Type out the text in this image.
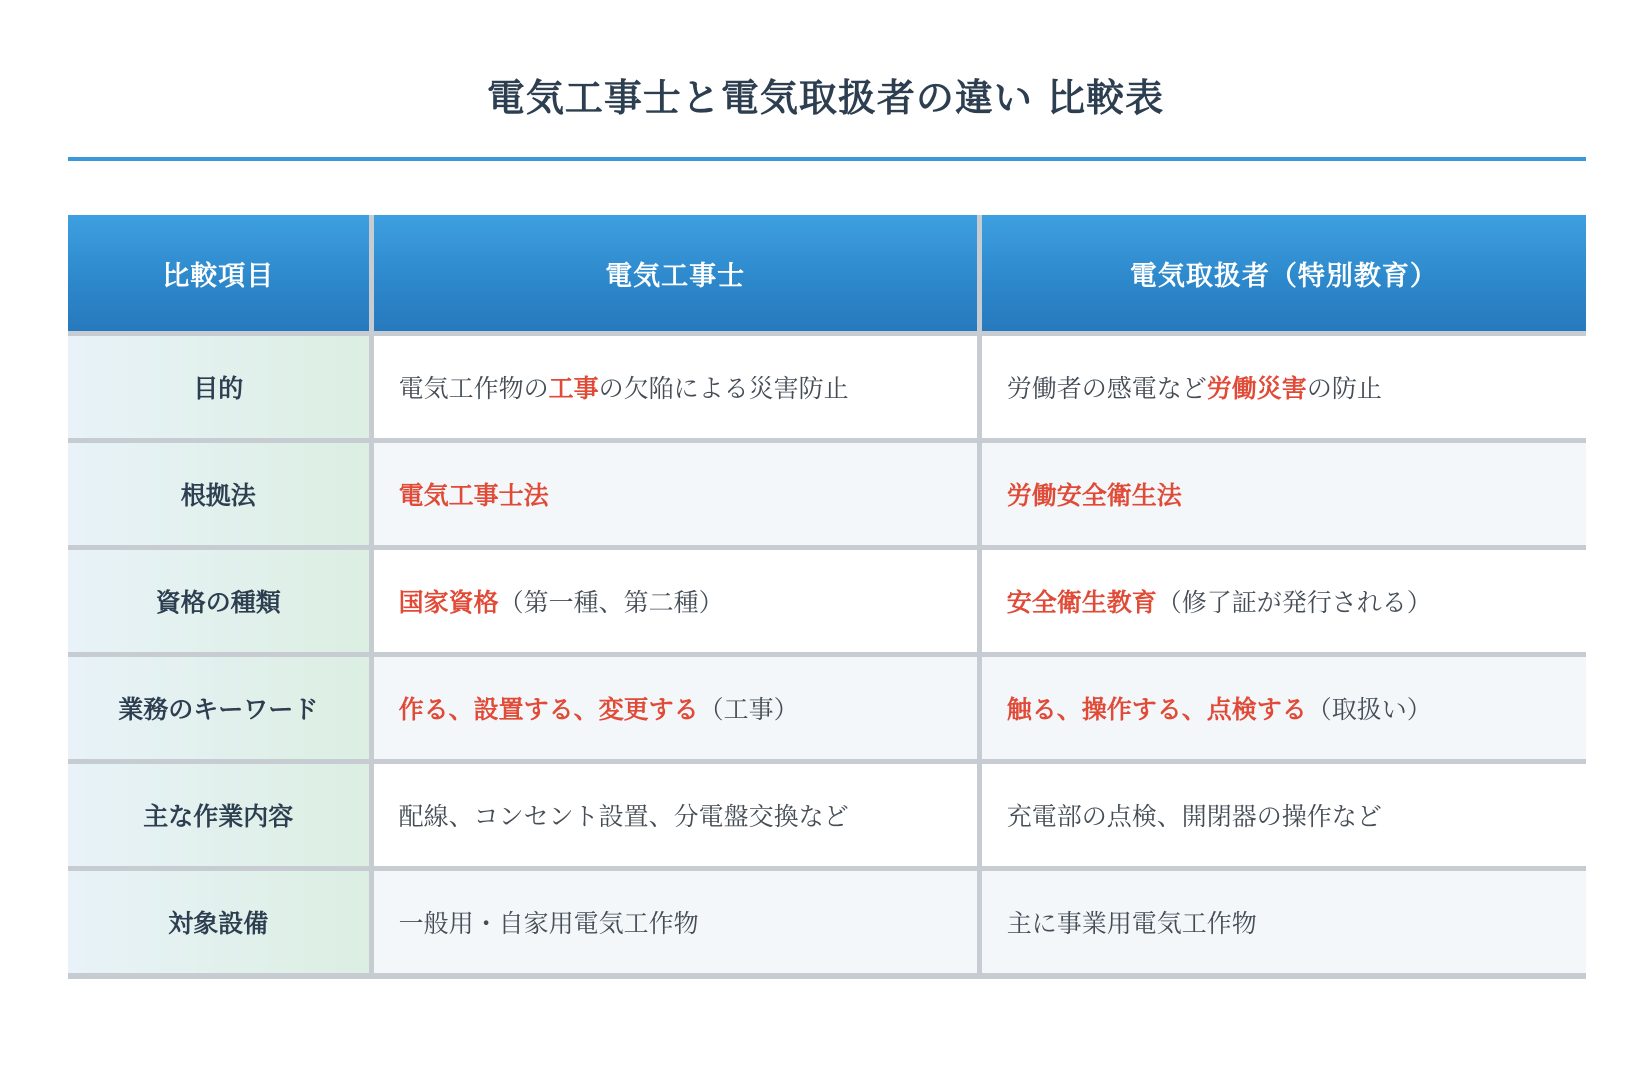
電気工事士と電気取扱者の違い 比較表
比較項目	電気工事士	電気取扱者（特別教育）
目的	電気工作物の工事の欠陥による災害防止	労働者の感電など労働災害の防止
根拠法	電気工事士法	労働安全衛生法
資格の種類	国家資格（第一種、第二種）	安全衛生教育（修了証が発行される）
業務のキーワード	作る、設置する、変更する（工事）	触る、操作する、点検する（取扱い）
主な作業内容	配線、コンセント設置、分電盤交換など	充電部の点検、開閉器の操作など
対象設備	一般用・自家用電気工作物	主に事業用電気工作物
